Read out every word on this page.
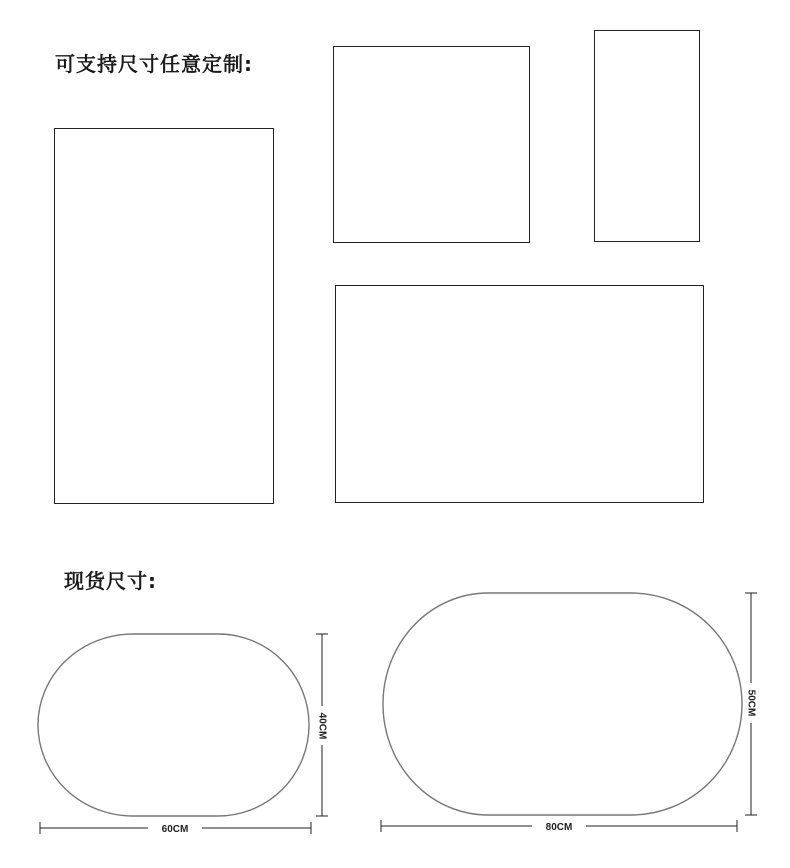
可支持尺寸任意定制:
现货尺寸:
60CM
40CM
80CM
50CM
